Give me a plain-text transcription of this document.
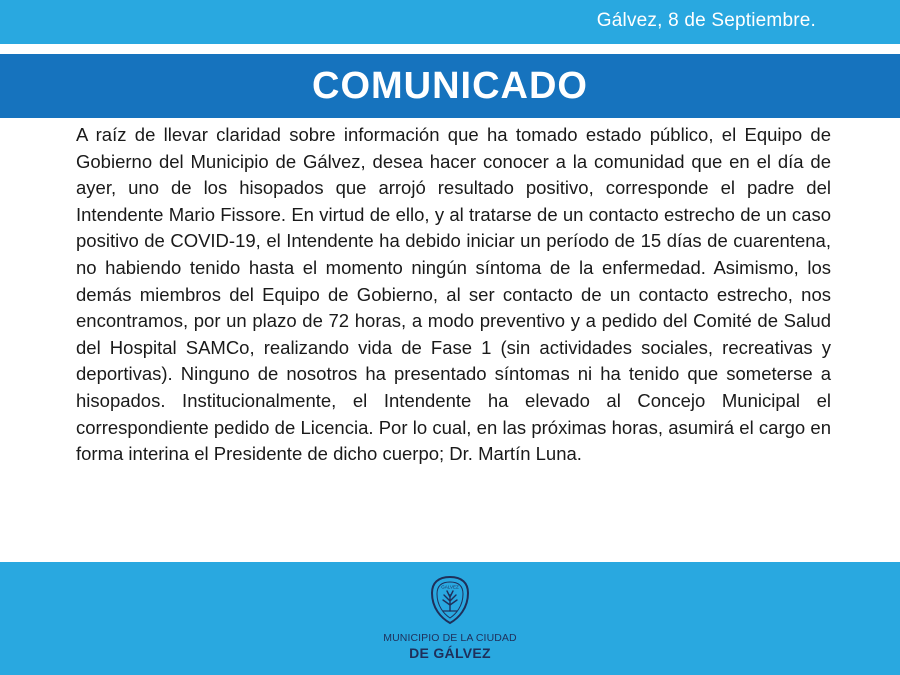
Gálvez, 8 de Septiembre.
COMUNICADO

A raíz de llevar claridad sobre información que ha tomado estado público, el Equipo de Gobierno del Municipio de Gálvez, desea hacer conocer a la comunidad que en el día de ayer, uno de los hisopados que arrojó resultado positivo, corresponde el padre del Intendente Mario Fissore. En virtud de ello, y al tratarse de un contacto estrecho de un caso positivo de COVID-19, el Intendente ha debido iniciar un período de 15 días de cuarentena, no habiendo tenido hasta el momento ningún síntoma de la enfermedad. Asimismo, los demás miembros del Equipo de Gobierno, al ser contacto de un contacto estrecho, nos encontramos, por un plazo de 72 horas, a modo preventivo y a pedido del Comité de Salud del Hospital SAMCo, realizando vida de Fase 1 (sin actividades sociales, recreativas y deportivas). Ninguno de nosotros ha presentado síntomas ni ha tenido que someterse a hisopados. Institucionalmente, el Intendente ha elevado al Concejo Municipal el correspondiente pedido de Licencia. Por lo cual, en las próximas horas, asumirá el cargo en forma interina el Presidente de dicho cuerpo; Dr. Martín Luna.

GALVEZ
MUNICIPIO DE LA CIUDAD
DE GÁLVEZ
